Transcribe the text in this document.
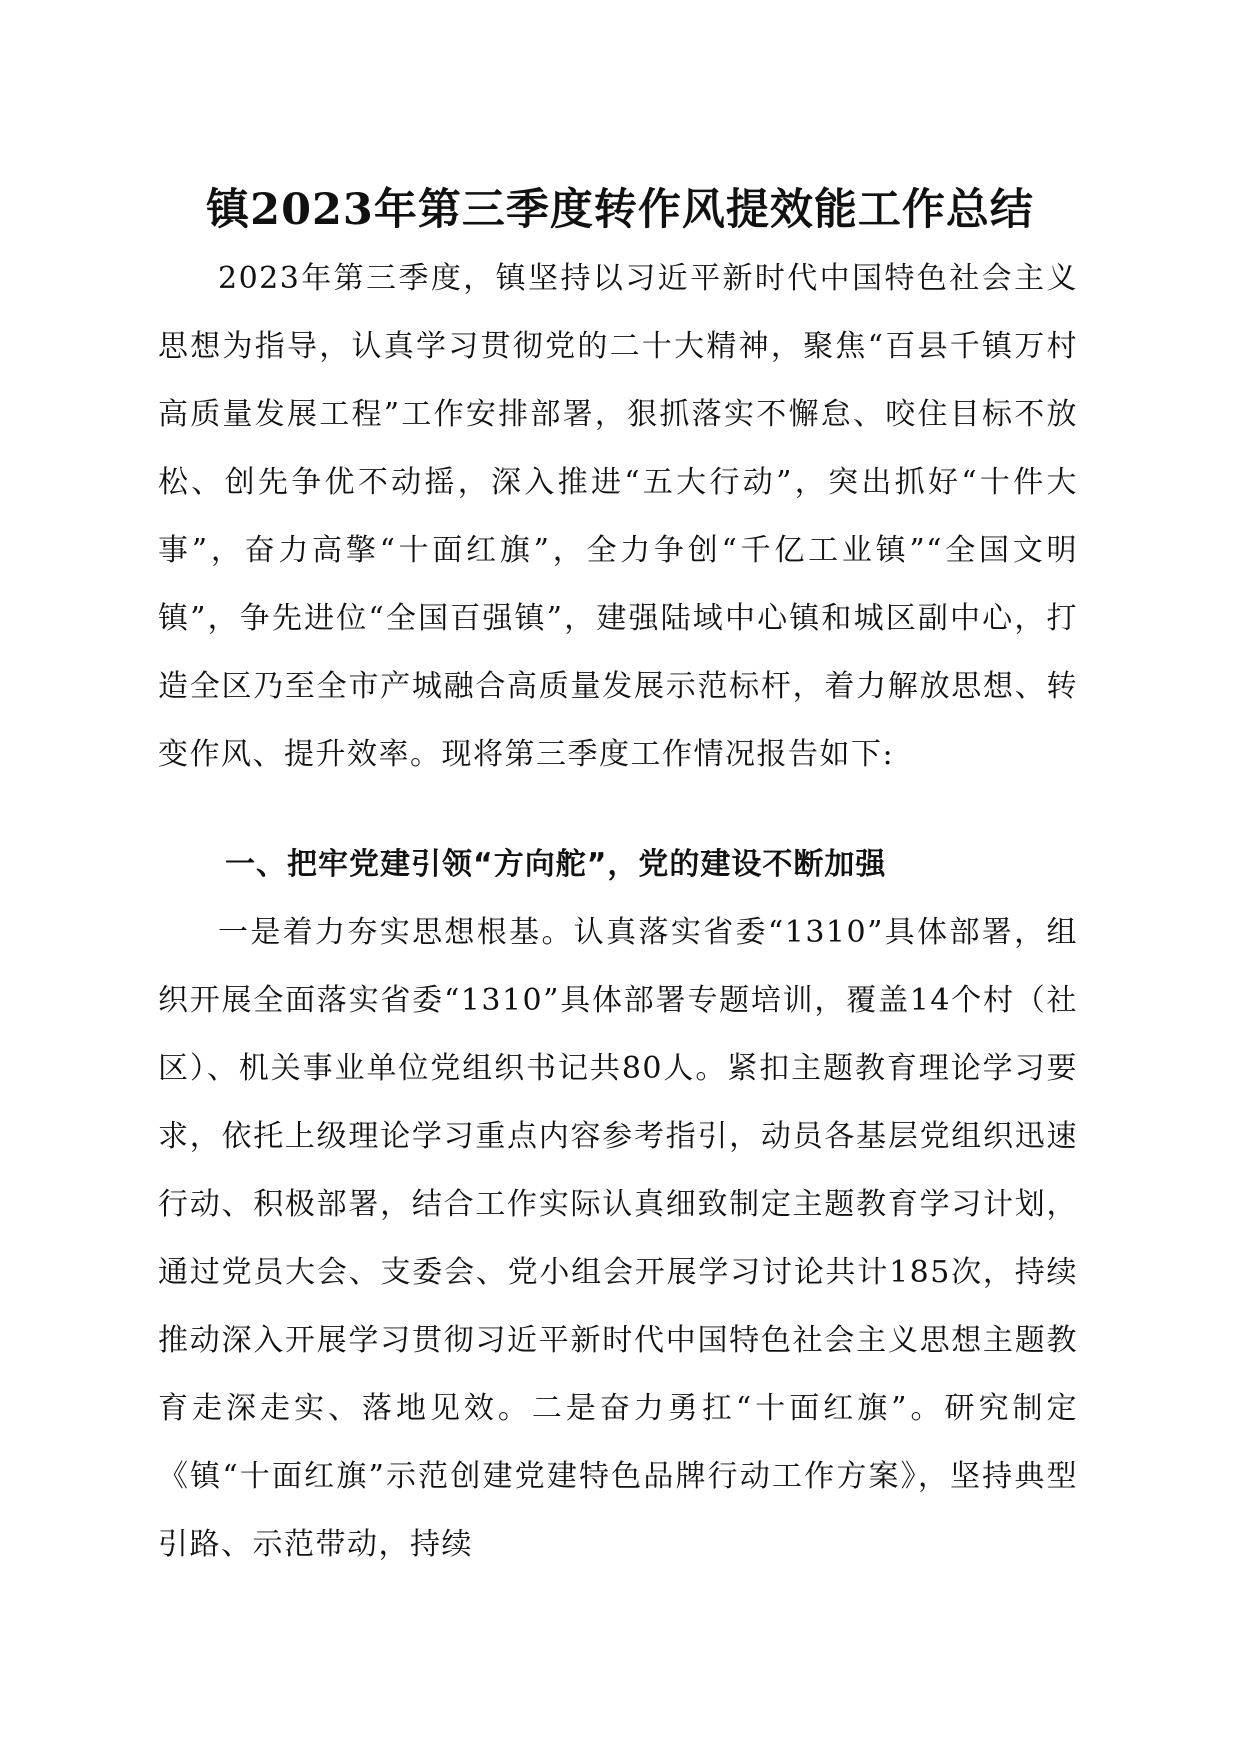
镇2023年第三季度转作风提效能工作总结

2023年第三季度，镇坚持以习近平新时代中国特色社会主义思想为指导，认真学习贯彻党的二十大精神，聚焦“百县千镇万村高质量发展工程”工作安排部署，狠抓落实不懈怠、咬住目标不放松、创先争优不动摇，深入推进“五大行动”，突出抓好“十件大事”，奋力高擎“十面红旗”，全力争创“千亿工业镇”“全国文明镇”，争先进位“全国百强镇”，建强陆域中心镇和城区副中心，打造全区乃至全市产城融合高质量发展示范标杆，着力解放思想、转变作风、提升效率。现将第三季度工作情况报告如下:

一、把牢党建引领“方向舵”，党的建设不断加强

一是着力夯实思想根基。认真落实省委“1310”具体部署，组织开展全面落实省委“1310”具体部署专题培训，覆盖14个村（社区）、机关事业单位党组织书记共80人。紧扣主题教育理论学习要求，依托上级理论学习重点内容参考指引，动员各基层党组织迅速行动、积极部署，结合工作实际认真细致制定主题教育学习计划，通过党员大会、支委会、党小组会开展学习讨论共计185次，持续推动深入开展学习贯彻习近平新时代中国特色社会主义思想主题教育走深走实、落地见效。二是奋力勇扛“十面红旗”。研究制定《镇“十面红旗”示范创建党建特色品牌行动工作方案》，坚持典型引路、示范带动，持续
